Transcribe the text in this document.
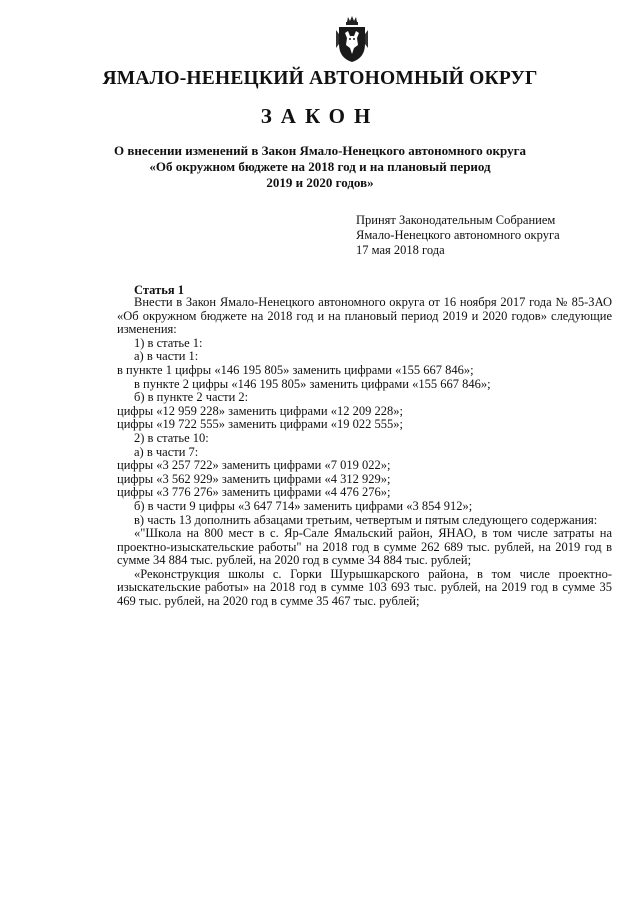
ЯМАЛО-НЕНЕЦКИЙ АВТОНОМНЫЙ ОКРУГ
ЗАКОН
О внесении изменений в Закон Ямало-Ненецкого автономного округа
«Об окружном бюджете на 2018 год и на плановый период
2019 и 2020 годов»
Принят Законодательным Собранием
Ямало-Ненецкого автономного округа
17 мая 2018 года
Статья 1

Внести в Закон Ямало-Ненецкого автономного округа от 16 ноября 2017 года № 85-ЗАО «Об окружном бюджете на 2018 год и на плановый период 2019 и 2020 годов» следующие изменения:

1) в статье 1:

а) в части 1:

в пункте 1 цифры «146 195 805» заменить цифрами «155 667 846»;

в пункте 2 цифры «146 195 805» заменить цифрами «155 667 846»;

б) в пункте 2 части 2:

цифры «12 959 228» заменить цифрами «12 209 228»;

цифры «19 722 555» заменить цифрами «19 022 555»;

2) в статье 10:

а) в части 7:

цифры «3 257 722» заменить цифрами «7 019 022»;

цифры «3 562 929» заменить цифрами «4 312 929»;

цифры «3 776 276» заменить цифрами «4 476 276»;

б) в части 9 цифры «3 647 714» заменить цифрами «3 854 912»;

в) часть 13 дополнить абзацами третьим, четвертым и пятым следующего содержания:

«"Школа на 800 мест в с. Яр-Сале Ямальский район, ЯНАО, в том числе затраты на проектно-изыскательские работы" на 2018 год в сумме 262 689 тыс. рублей, на 2019 год в сумме 34 884 тыс. рублей, на 2020 год в сумме 34 884 тыс. рублей;

«Реконструкция школы с. Горки Шурышкарского района, в том числе проектно-изыскательские работы» на 2018 год в сумме 103 693 тыс. рублей, на 2019 год в сумме 35 469 тыс. рублей, на 2020 год в сумме 35 467 тыс. рублей;
